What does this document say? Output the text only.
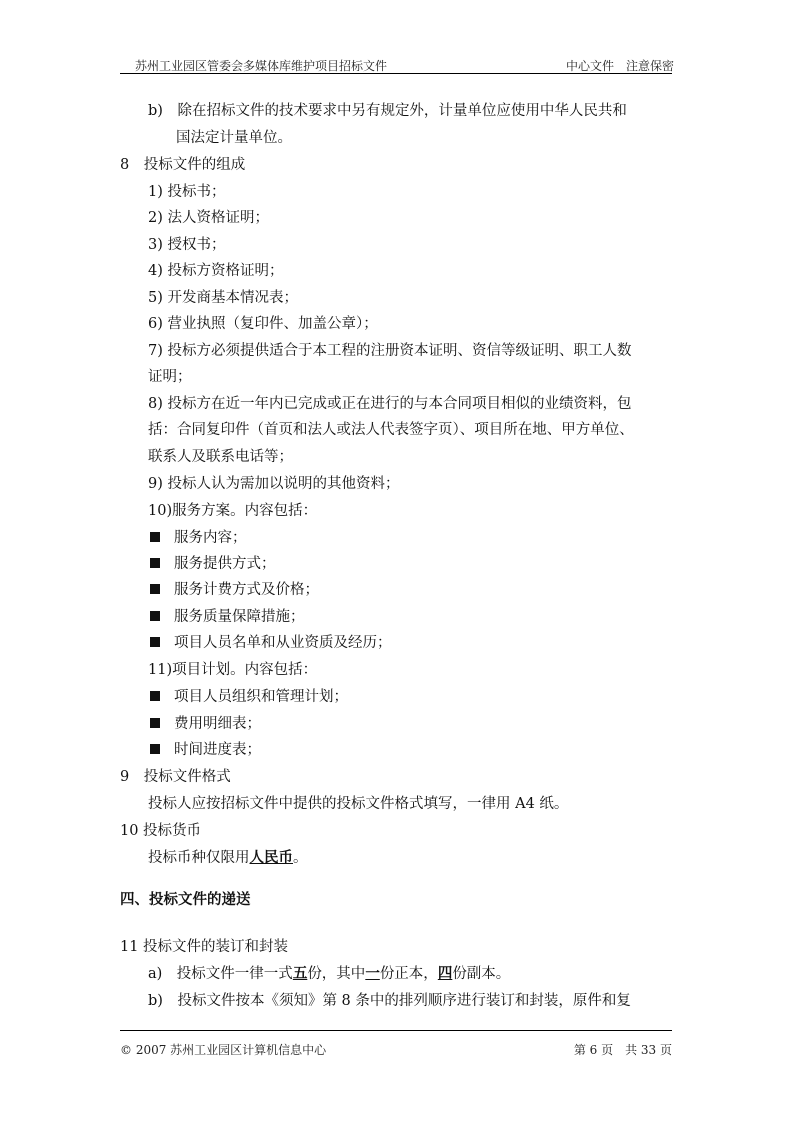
苏州工业园区管委会多媒体库维护项目招标文件	中心文件　注意保密
b)　除在招标文件的技术要求中另有规定外，计量单位应使用中华人民共和
国法定计量单位。
8　投标文件的组成
1) 投标书；
2) 法人资格证明；
3) 授权书；
4) 投标方资格证明；
5) 开发商基本情况表；
6) 营业执照（复印件、加盖公章）；
7) 投标方必须提供适合于本工程的注册资本证明、资信等级证明、职工人数
证明；
8) 投标方在近一年内已完成或正在进行的与本合同项目相似的业绩资料，包
括：合同复印件（首页和法人或法人代表签字页）、项目所在地、甲方单位、
联系人及联系电话等；
9) 投标人认为需加以说明的其他资料；
10)服务方案。内容包括：
服务内容；
服务提供方式；
服务计费方式及价格；
服务质量保障措施；
项目人员名单和从业资质及经历；
11)项目计划。内容包括：
项目人员组织和管理计划；
费用明细表；
时间进度表；
9　投标文件格式
投标人应按招标文件中提供的投标文件格式填写，一律用 A4 纸。
10 投标货币
投标币种仅限用人民币。
四、投标文件的递送
11 投标文件的装订和封装
a)　投标文件一律一式五份，其中一份正本，四份副本。
b)　投标文件按本《须知》第 8 条中的排列顺序进行装订和封装，原件和复
© 2007 苏州工业园区计算机信息中心	第 6 页　共 33 页
